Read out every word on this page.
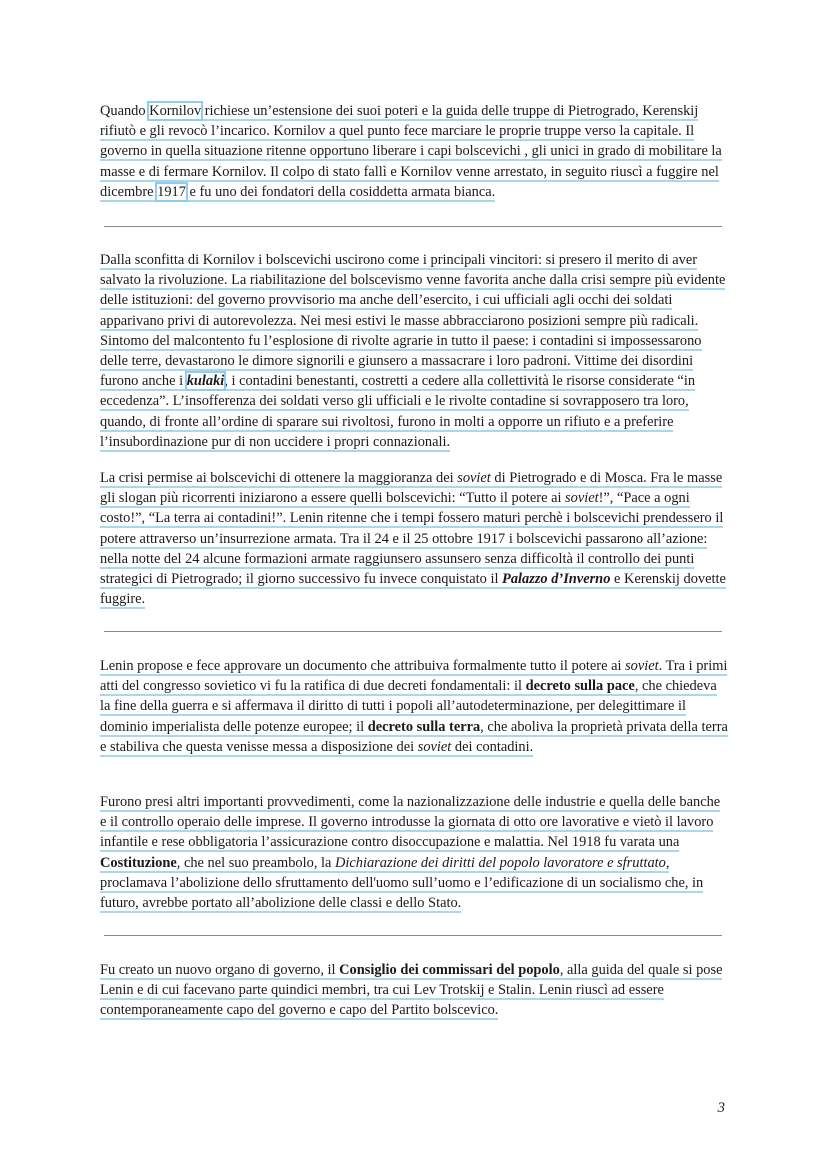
Quando Kornilov richiese un’estensione dei suoi poteri e la guida delle truppe di Pietrogrado, Kerenskij rifiutò e gli revocò l’incarico. Kornilov a quel punto fece marciare le proprie truppe verso la capitale. Il governo in quella situazione ritenne opportuno liberare i capi bolscevichi , gli unici in grado di mobilitare la masse e di fermare Kornilov. Il colpo di stato fallì e Kornilov venne arrestato, in seguito riuscì a fuggire nel dicembre 1917 e fu uno dei fondatori della cosiddetta armata bianca.

Dalla sconfitta di Kornilov i bolscevichi uscirono come i principali vincitori: si presero il merito di aver salvato la rivoluzione. La riabilitazione del bolscevismo venne favorita anche dalla crisi sempre più evidente delle istituzioni: del governo provvisorio ma anche dell’esercito, i cui ufficiali agli occhi dei soldati apparivano privi di autorevolezza. Nei mesi estivi le masse abbracciarono posizioni sempre più radicali. Sintomo del malcontento fu l’esplosione di rivolte agrarie in tutto il paese: i contadini si impossessarono delle terre, devastarono le dimore signorili e giunsero a massacrare i loro padroni. Vittime dei disordini furono anche i kulaki, i contadini benestanti, costretti a cedere alla collettività le risorse considerate “in eccedenza”. L’insofferenza dei soldati verso gli ufficiali e le rivolte contadine si sovrapposero tra loro, quando, di fronte all’ordine di sparare sui rivoltosi, furono in molti a opporre un rifiuto e a preferire l’insubordinazione pur di non uccidere i propri connazionali.

La crisi permise ai bolscevichi di ottenere la maggioranza dei soviet di Pietrogrado e di Mosca. Fra le masse gli slogan più ricorrenti iniziarono a essere quelli bolscevichi: “Tutto il potere ai soviet!”, “Pace a ogni costo!”, “La terra ai contadini!”. Lenin ritenne che i tempi fossero maturi perchè i bolscevichi prendessero il potere attraverso un’insurrezione armata. Tra il 24 e il 25 ottobre 1917 i bolscevichi passarono all’azione: nella notte del 24 alcune formazioni armate raggiunsero assunsero senza difficoltà il controllo dei punti strategici di Pietrogrado; il giorno successivo fu invece conquistato il Palazzo d’Inverno e Kerenskij dovette fuggire.

Lenin propose e fece approvare un documento che attribuiva formalmente tutto il potere ai soviet. Tra i primi atti del congresso sovietico vi fu la ratifica di due decreti fondamentali: il decreto sulla pace, che chiedeva la fine della guerra e si affermava il diritto di tutti i popoli all’autodeterminazione, per delegittimare il dominio imperialista delle potenze europee; il decreto sulla terra, che aboliva la proprietà privata della terra e stabiliva che questa venisse messa a disposizione dei soviet dei contadini.

Furono presi altri importanti provvedimenti, come la nazionalizzazione delle industrie e quella delle banche e il controllo operaio delle imprese. Il governo introdusse la giornata di otto ore lavorative e vietò il lavoro infantile e rese obbligatoria l’assicurazione contro disoccupazione e malattia. Nel 1918 fu varata una Costituzione, che nel suo preambolo, la Dichiarazione dei diritti del popolo lavoratore e sfruttato, proclamava l’abolizione dello sfruttamento dell'uomo sull’uomo e l’edificazione di un socialismo che, in futuro, avrebbe portato all’abolizione delle classi e dello Stato.

Fu creato un nuovo organo di governo, il Consiglio dei commissari del popolo, alla guida del quale si pose Lenin e di cui facevano parte quindici membri, tra cui Lev Trotskij e Stalin. Lenin riuscì ad essere contemporaneamente capo del governo e capo del Partito bolscevico.

3
